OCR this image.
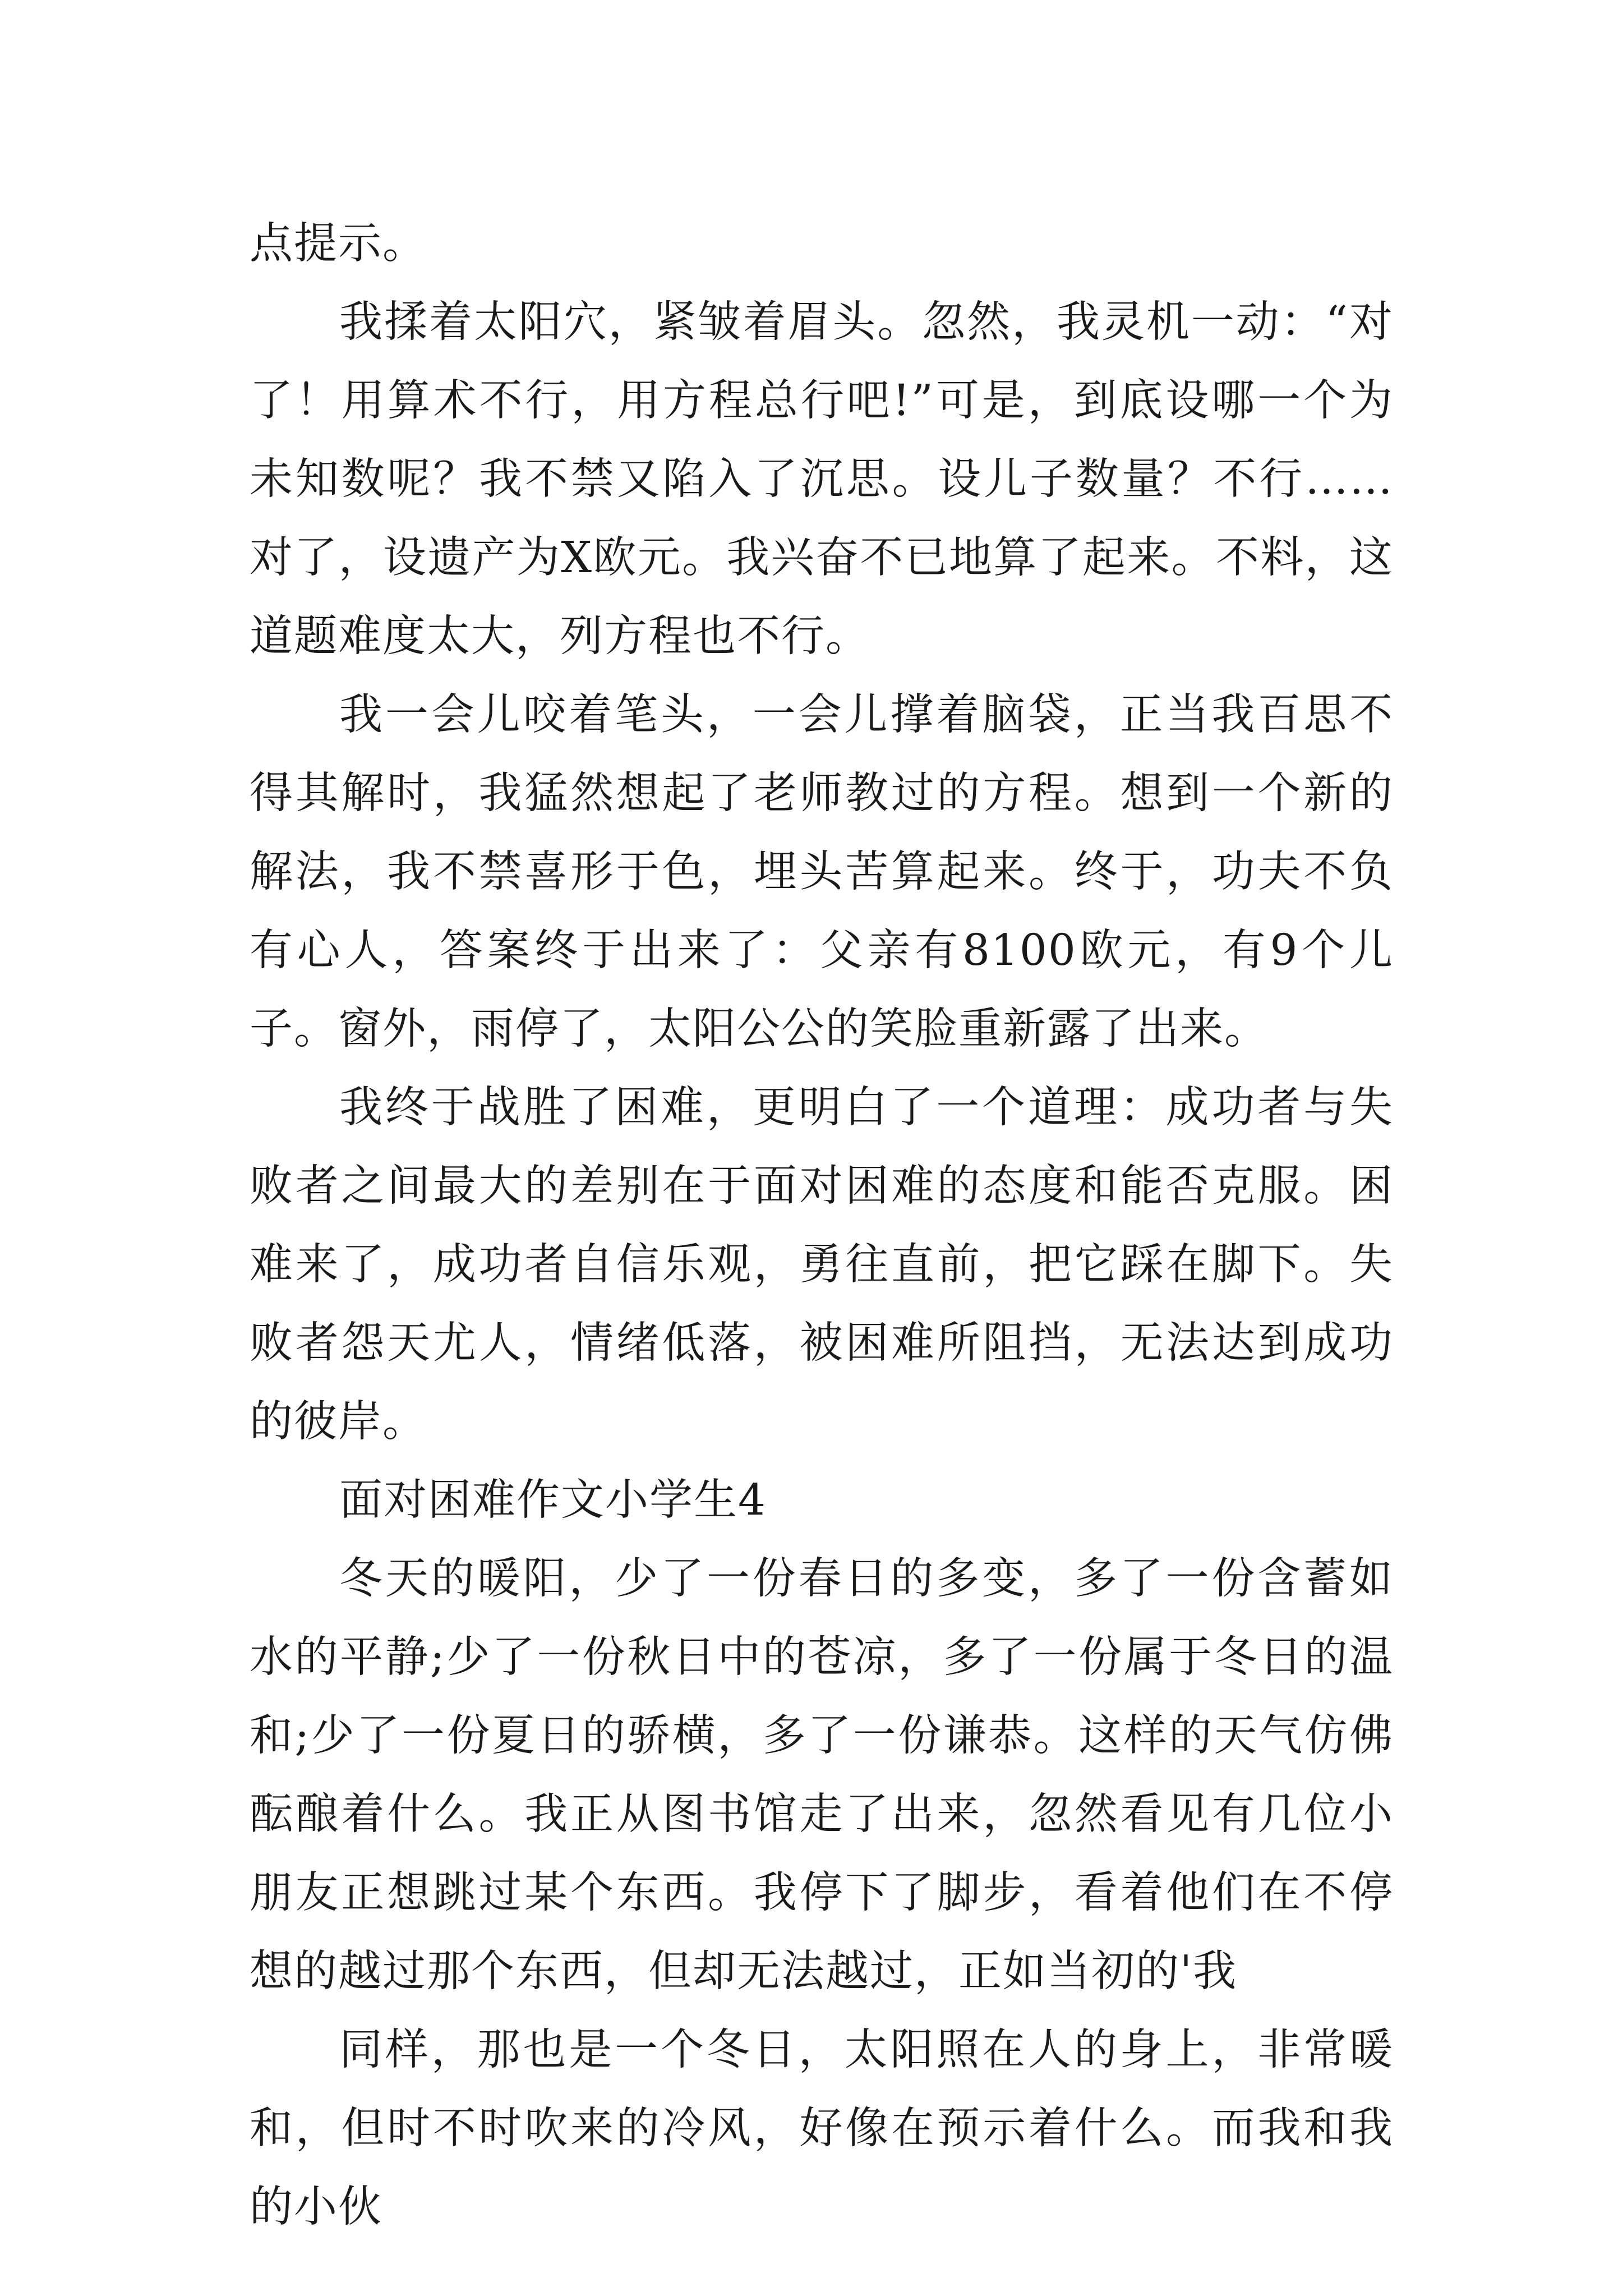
点提示。

我揉着太阳穴，紧皱着眉头。忽然，我灵机一动：“对了！用算术不行，用方程总行吧!”可是，到底设哪一个为未知数呢？我不禁又陷入了沉思。设儿子数量？不行……对了，设遗产为X欧元。我兴奋不已地算了起来。不料，这道题难度太大，列方程也不行。

我一会儿咬着笔头，一会儿撑着脑袋，正当我百思不得其解时，我猛然想起了老师教过的方程。想到一个新的解法，我不禁喜形于色，埋头苦算起来。终于，功夫不负有心人，答案终于出来了：父亲有8100欧元，有9个儿子。窗外，雨停了，太阳公公的笑脸重新露了出来。

我终于战胜了困难，更明白了一个道理：成功者与失败者之间最大的差别在于面对困难的态度和能否克服。困难来了，成功者自信乐观，勇往直前，把它踩在脚下。失败者怨天尤人，情绪低落，被困难所阻挡，无法达到成功的彼岸。

面对困难作文小学生4

冬天的暖阳，少了一份春日的多变，多了一份含蓄如水的平静;少了一份秋日中的苍凉，多了一份属于冬日的温和;少了一份夏日的骄横，多了一份谦恭。这样的天气仿佛酝酿着什么。我正从图书馆走了出来，忽然看见有几位小朋友正想跳过某个东西。我停下了脚步，看着他们在不停想的越过那个东西，但却无法越过，正如当初的'我

同样，那也是一个冬日，太阳照在人的身上，非常暖和，但时不时吹来的冷风，好像在预示着什么。而我和我的小伙
